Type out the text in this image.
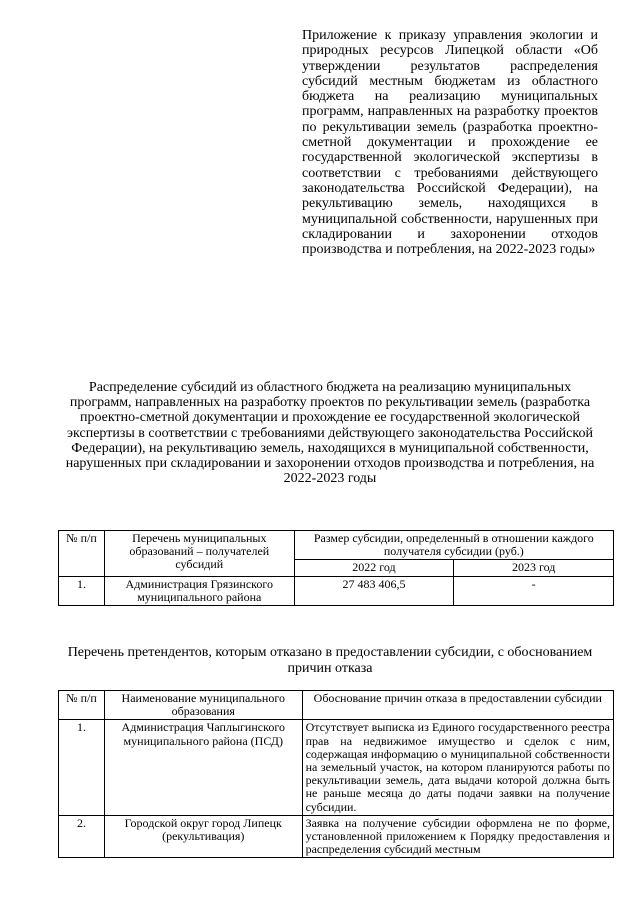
Приложение к приказу управления экологии и природных ресурсов Липецкой области «Об утверждении результатов распределения субсидий местным бюджетам из областного бюджета на реализацию муниципальных программ, направленных на разработку проектов по рекультивации земель (разработка проектно-сметной документации и прохождение ее государственной экологической экспертизы в соответствии с требованиями действующего законодательства Российской Федерации), на рекультивацию земель, находящихся в муниципальной собственности, нарушенных при складировании и захоронении отходов производства и потребления, на 2022-2023 годы»
Распределение субсидий из областного бюджета на реализацию муниципальных программ, направленных на разработку проектов по рекультивации земель (разработка проектно-сметной документации и прохождение ее государственной экологической экспертизы в соответствии с требованиями действующего законодательства Российской Федерации), на рекультивацию земель, находящихся в муниципальной собственности, нарушенных при складировании и захоронении отходов производства и потребления, на 2022-2023 годы
№ п/п	Перечень муниципальных образований – получателей субсидий	Размер субсидии, определенный в отношении каждого получателя субсидии (руб.)	
		2022 год	2023 год
1.	Администрация Грязинского муниципального района	27 483 406,5	-
Перечень претендентов, которым отказано в предоставлении субсидии, с обоснованием причин отказа
№ п/п	Наименование муниципального образования	Обоснование причин отказа в предоставлении субсидии
1.	Администрация Чаплыгинского муниципального района (ПСД)	Отсутствует выписка из Единого государственного реестра прав на недвижимое имущество и сделок с ним, содержащая информацию о муниципальной собственности на земельный участок, на котором планируются работы по рекультивации земель, дата выдачи которой должна быть не раньше месяца до даты подачи заявки на получение субсидии.
2.	Городской округ город Липецк (рекультивация)	Заявка на получение субсидии оформлена не по форме, установленной приложением к Порядку предоставления и распределения субсидий местным
